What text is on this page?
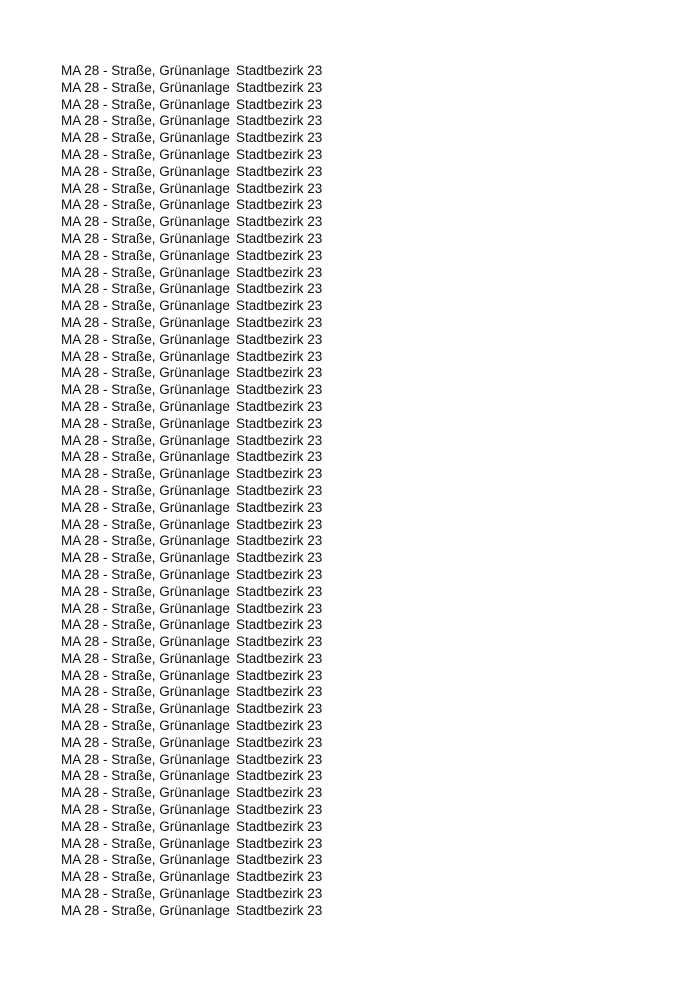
MA 28 - Straße, Grünanlage Stadtbezirk 23
MA 28 - Straße, Grünanlage Stadtbezirk 23
MA 28 - Straße, Grünanlage Stadtbezirk 23
MA 28 - Straße, Grünanlage Stadtbezirk 23
MA 28 - Straße, Grünanlage Stadtbezirk 23
MA 28 - Straße, Grünanlage Stadtbezirk 23
MA 28 - Straße, Grünanlage Stadtbezirk 23
MA 28 - Straße, Grünanlage Stadtbezirk 23
MA 28 - Straße, Grünanlage Stadtbezirk 23
MA 28 - Straße, Grünanlage Stadtbezirk 23
MA 28 - Straße, Grünanlage Stadtbezirk 23
MA 28 - Straße, Grünanlage Stadtbezirk 23
MA 28 - Straße, Grünanlage Stadtbezirk 23
MA 28 - Straße, Grünanlage Stadtbezirk 23
MA 28 - Straße, Grünanlage Stadtbezirk 23
MA 28 - Straße, Grünanlage Stadtbezirk 23
MA 28 - Straße, Grünanlage Stadtbezirk 23
MA 28 - Straße, Grünanlage Stadtbezirk 23
MA 28 - Straße, Grünanlage Stadtbezirk 23
MA 28 - Straße, Grünanlage Stadtbezirk 23
MA 28 - Straße, Grünanlage Stadtbezirk 23
MA 28 - Straße, Grünanlage Stadtbezirk 23
MA 28 - Straße, Grünanlage Stadtbezirk 23
MA 28 - Straße, Grünanlage Stadtbezirk 23
MA 28 - Straße, Grünanlage Stadtbezirk 23
MA 28 - Straße, Grünanlage Stadtbezirk 23
MA 28 - Straße, Grünanlage Stadtbezirk 23
MA 28 - Straße, Grünanlage Stadtbezirk 23
MA 28 - Straße, Grünanlage Stadtbezirk 23
MA 28 - Straße, Grünanlage Stadtbezirk 23
MA 28 - Straße, Grünanlage Stadtbezirk 23
MA 28 - Straße, Grünanlage Stadtbezirk 23
MA 28 - Straße, Grünanlage Stadtbezirk 23
MA 28 - Straße, Grünanlage Stadtbezirk 23
MA 28 - Straße, Grünanlage Stadtbezirk 23
MA 28 - Straße, Grünanlage Stadtbezirk 23
MA 28 - Straße, Grünanlage Stadtbezirk 23
MA 28 - Straße, Grünanlage Stadtbezirk 23
MA 28 - Straße, Grünanlage Stadtbezirk 23
MA 28 - Straße, Grünanlage Stadtbezirk 23
MA 28 - Straße, Grünanlage Stadtbezirk 23
MA 28 - Straße, Grünanlage Stadtbezirk 23
MA 28 - Straße, Grünanlage Stadtbezirk 23
MA 28 - Straße, Grünanlage Stadtbezirk 23
MA 28 - Straße, Grünanlage Stadtbezirk 23
MA 28 - Straße, Grünanlage Stadtbezirk 23
MA 28 - Straße, Grünanlage Stadtbezirk 23
MA 28 - Straße, Grünanlage Stadtbezirk 23
MA 28 - Straße, Grünanlage Stadtbezirk 23
MA 28 - Straße, Grünanlage Stadtbezirk 23
MA 28 - Straße, Grünanlage Stadtbezirk 23
